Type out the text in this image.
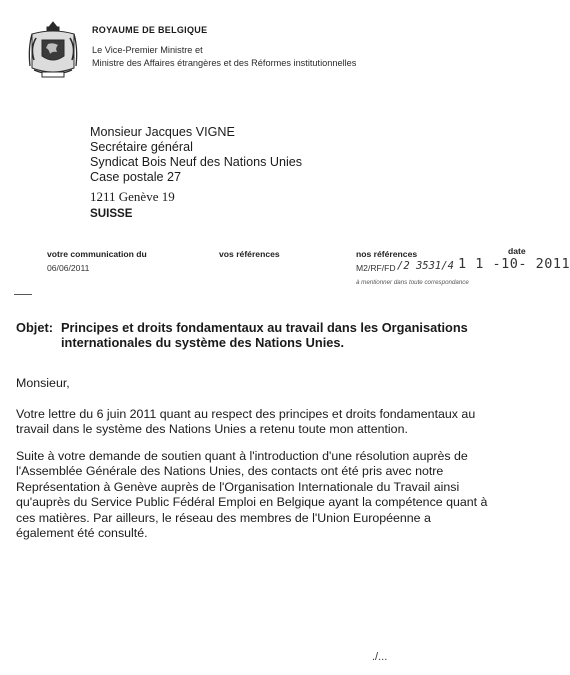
ROYAUME DE BELGIQUE
Le Vice-Premier Ministre et
Ministre des Affaires étrangères et des Réformes institutionnelles
Monsieur Jacques VIGNE
Secrétaire général
Syndicat Bois Neuf des Nations Unies
Case postale 27
1211 Genève 19
SUISSE
votre communication du
06/06/2011
vos références	nos références
M2/RF/FD /2 3531/4
à mentionner dans toute correspondance
date
1 1 -10- 2011
Objet: Principes et droits fondamentaux au travail dans les Organisations
internationales du système des Nations Unies.
Monsieur,
Votre lettre du 6 juin 2011 quant au respect des principes et droits fondamentaux au
travail dans le système des Nations Unies a retenu toute mon attention.
Suite à votre demande de soutien quant à l'introduction d'une résolution auprès de
l'Assemblée Générale des Nations Unies, des contacts ont été pris avec notre
Représentation à Genève auprès de l'Organisation Internationale du Travail ainsi
qu'auprès du Service Public Fédéral Emploi en Belgique ayant la compétence quant à
ces matières. Par ailleurs, le réseau des membres de l'Union Européenne a
également été consulté.
./...
